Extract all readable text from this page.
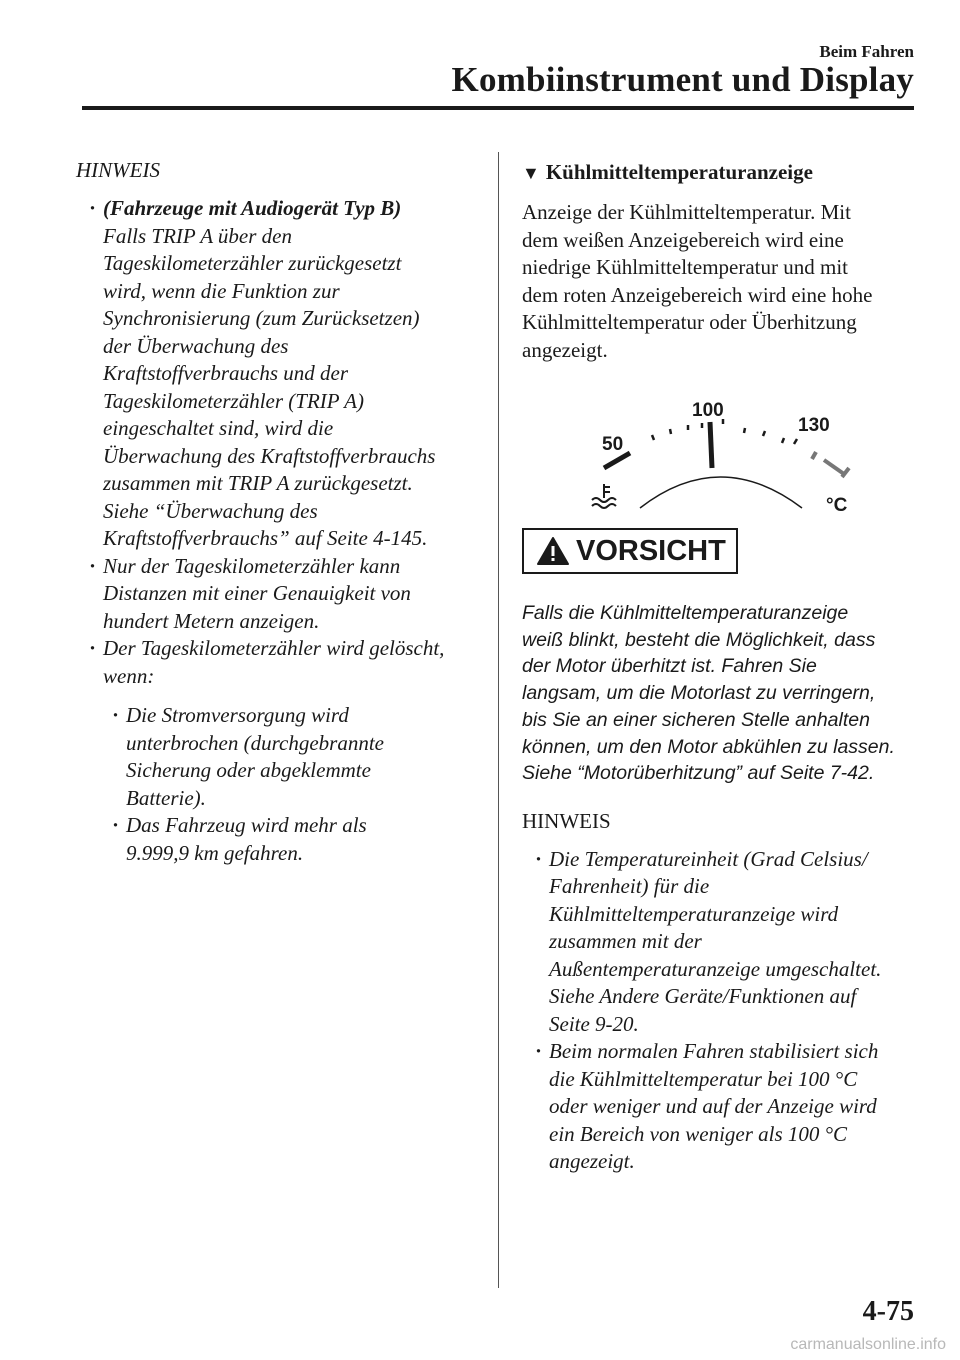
Beim Fahren
Kombiinstrument und Display
HINWEIS
· (Fahrzeuge mit Audiogerät Typ B)
Falls TRIP A über den
Tageskilometerzähler zurückgesetzt
wird, wenn die Funktion zur
Synchronisierung (zum Zurücksetzen)
der Überwachung des
Kraftstoffverbrauchs und der
Tageskilometerzähler (TRIP A)
eingeschaltet sind, wird die
Überwachung des Kraftstoffverbrauchs
zusammen mit TRIP A zurückgesetzt.
Siehe “Überwachung des
Kraftstoffverbrauchs” auf Seite 4-145.
· Nur der Tageskilometerzähler kann
Distanzen mit einer Genauigkeit von
hundert Metern anzeigen.
· Der Tageskilometerzähler wird gelöscht,
wenn:
· Die Stromversorgung wird
unterbrochen (durchgebrannte
Sicherung oder abgeklemmte
Batterie).
· Das Fahrzeug wird mehr als
9.999,9 km gefahren.
▼ Kühlmitteltemperaturanzeige
Anzeige der Kühlmitteltemperatur. Mit
dem weißen Anzeigebereich wird eine
niedrige Kühlmitteltemperatur und mit
dem roten Anzeigebereich wird eine hohe
Kühlmitteltemperatur oder Überhitzung
angezeigt.
50
100
130
°C
VORSICHT
Falls die Kühlmitteltemperaturanzeige
weiß blinkt, besteht die Möglichkeit, dass
der Motor überhitzt ist. Fahren Sie
langsam, um die Motorlast zu verringern,
bis Sie an einer sicheren Stelle anhalten
können, um den Motor abkühlen zu lassen.
Siehe “Motorüberhitzung” auf Seite 7-42.
HINWEIS
· Die Temperatureinheit (Grad Celsius/
Fahrenheit) für die
Kühlmitteltemperaturanzeige wird
zusammen mit der
Außentemperaturanzeige umgeschaltet.
Siehe Andere Geräte/Funktionen auf
Seite 9-20.
· Beim normalen Fahren stabilisiert sich
die Kühlmitteltemperatur bei 100 °C
oder weniger und auf der Anzeige wird
ein Bereich von weniger als 100 °C
angezeigt.
4-75
carmanualsonline.info
